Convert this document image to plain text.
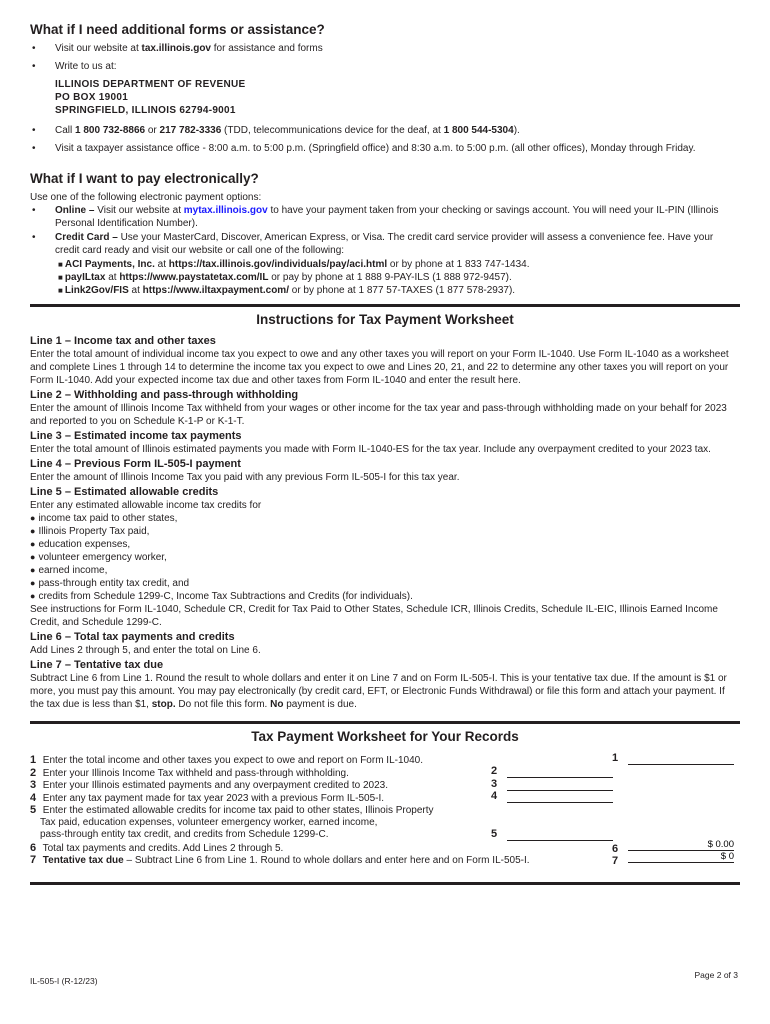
What if I need additional forms or assistance?
• Visit our website at tax.illinois.gov for assistance and forms
• Write to us at:
ILLINOIS DEPARTMENT OF REVENUE
PO BOX 19001
SPRINGFIELD, ILLINOIS 62794-9001
• Call 1 800 732-8866 or 217 782-3336 (TDD, telecommunications device for the deaf, at 1 800 544-5304).
• Visit a taxpayer assistance office - 8:00 a.m. to 5:00 p.m. (Springfield office) and 8:30 a.m. to 5:00 p.m. (all other offices), Monday through Friday.
What if I want to pay electronically?
Use one of the following electronic payment options:
• Online – Visit our website at mytax.illinois.gov to have your payment taken from your checking or savings account. You will need your IL-PIN (Illinois Personal Identification Number).
• Credit Card – Use your MasterCard, Discover, American Express, or Visa. The credit card service provider will assess a convenience fee. Have your credit card ready and visit our website or call one of the following:
■ ACI Payments, Inc. at https://tax.illinois.gov/individuals/pay/aci.html or by phone at 1 833 747-1434.
■ payILtax at https://www.paystatetax.com/IL or pay by phone at 1 888 9-PAY-ILS (1 888 972-9457).
■ Link2Gov/FIS at https://www.iltaxpayment.com/ or by phone at 1 877 57-TAXES (1 877 578-2937).
Instructions for Tax Payment Worksheet
Line 1 – Income tax and other taxes
Enter the total amount of individual income tax you expect to owe and any other taxes you will report on your Form IL-1040. Use Form IL-1040 as a worksheet and complete Lines 1 through 14 to determine the income tax you expect to owe and Lines 20, 21, and 22 to determine any other taxes you will report on your Form IL-1040. Add your expected income tax due and other taxes from Form IL-1040 and enter the result here.
Line 2 – Withholding and pass-through withholding
Enter the amount of Illinois Income Tax withheld from your wages or other income for the tax year and pass-through withholding made on your behalf for 2023 and reported to you on Schedule K-1-P or K-1-T.
Line 3 – Estimated income tax payments
Enter the total amount of Illinois estimated payments you made with Form IL-1040-ES for the tax year. Include any overpayment credited to your 2023 tax.
Line 4 – Previous Form IL-505-I payment
Enter the amount of Illinois Income Tax you paid with any previous Form IL-505-I for this tax year.
Line 5 – Estimated allowable credits
Enter any estimated allowable income tax credits for
● income tax paid to other states,
● Illinois Property Tax paid,
● education expenses,
● volunteer emergency worker,
● earned income,
● pass-through entity tax credit, and
● credits from Schedule 1299-C, Income Tax Subtractions and Credits (for individuals).
See instructions for Form IL-1040, Schedule CR, Credit for Tax Paid to Other States, Schedule ICR, Illinois Credits, Schedule IL-EIC, Illinois Earned Income Credit, and Schedule 1299-C.
Line 6 – Total tax payments and credits
Add Lines 2 through 5, and enter the total on Line 6.
Line 7 – Tentative tax due
Subtract Line 6 from Line 1. Round the result to whole dollars and enter it on Line 7 and on Form IL-505-I. This is your tentative tax due. If the amount is $1 or more, you must pay this amount. You may pay electronically (by credit card, EFT, or Electronic Funds Withdrawal) or file this form and attach your payment. If the tax due is less than $1, stop. Do not file this form. No payment is due.
Tax Payment Worksheet for Your Records
1 Enter the total income and other taxes you expect to owe and report on Form IL-1040.
2 Enter your Illinois Income Tax withheld and pass-through withholding.
3 Enter your Illinois estimated payments and any overpayment credited to 2023.
4 Enter any tax payment made for tax year 2023 with a previous Form IL-505-I.
5 Enter the estimated allowable credits for income tax paid to other states, Illinois Property
Tax paid, education expenses, volunteer emergency worker, earned income,
pass-through entity tax credit, and credits from Schedule 1299-C.
6 Total tax payments and credits. Add Lines 2 through 5.
7 Tentative tax due – Subtract Line 6 from Line 1. Round to whole dollars and enter here and on Form IL-505-I.
1
2
3
4
5
6
$ 0.00
7
$ 0
IL-505-I (R-12/23)
Page 2 of 3
